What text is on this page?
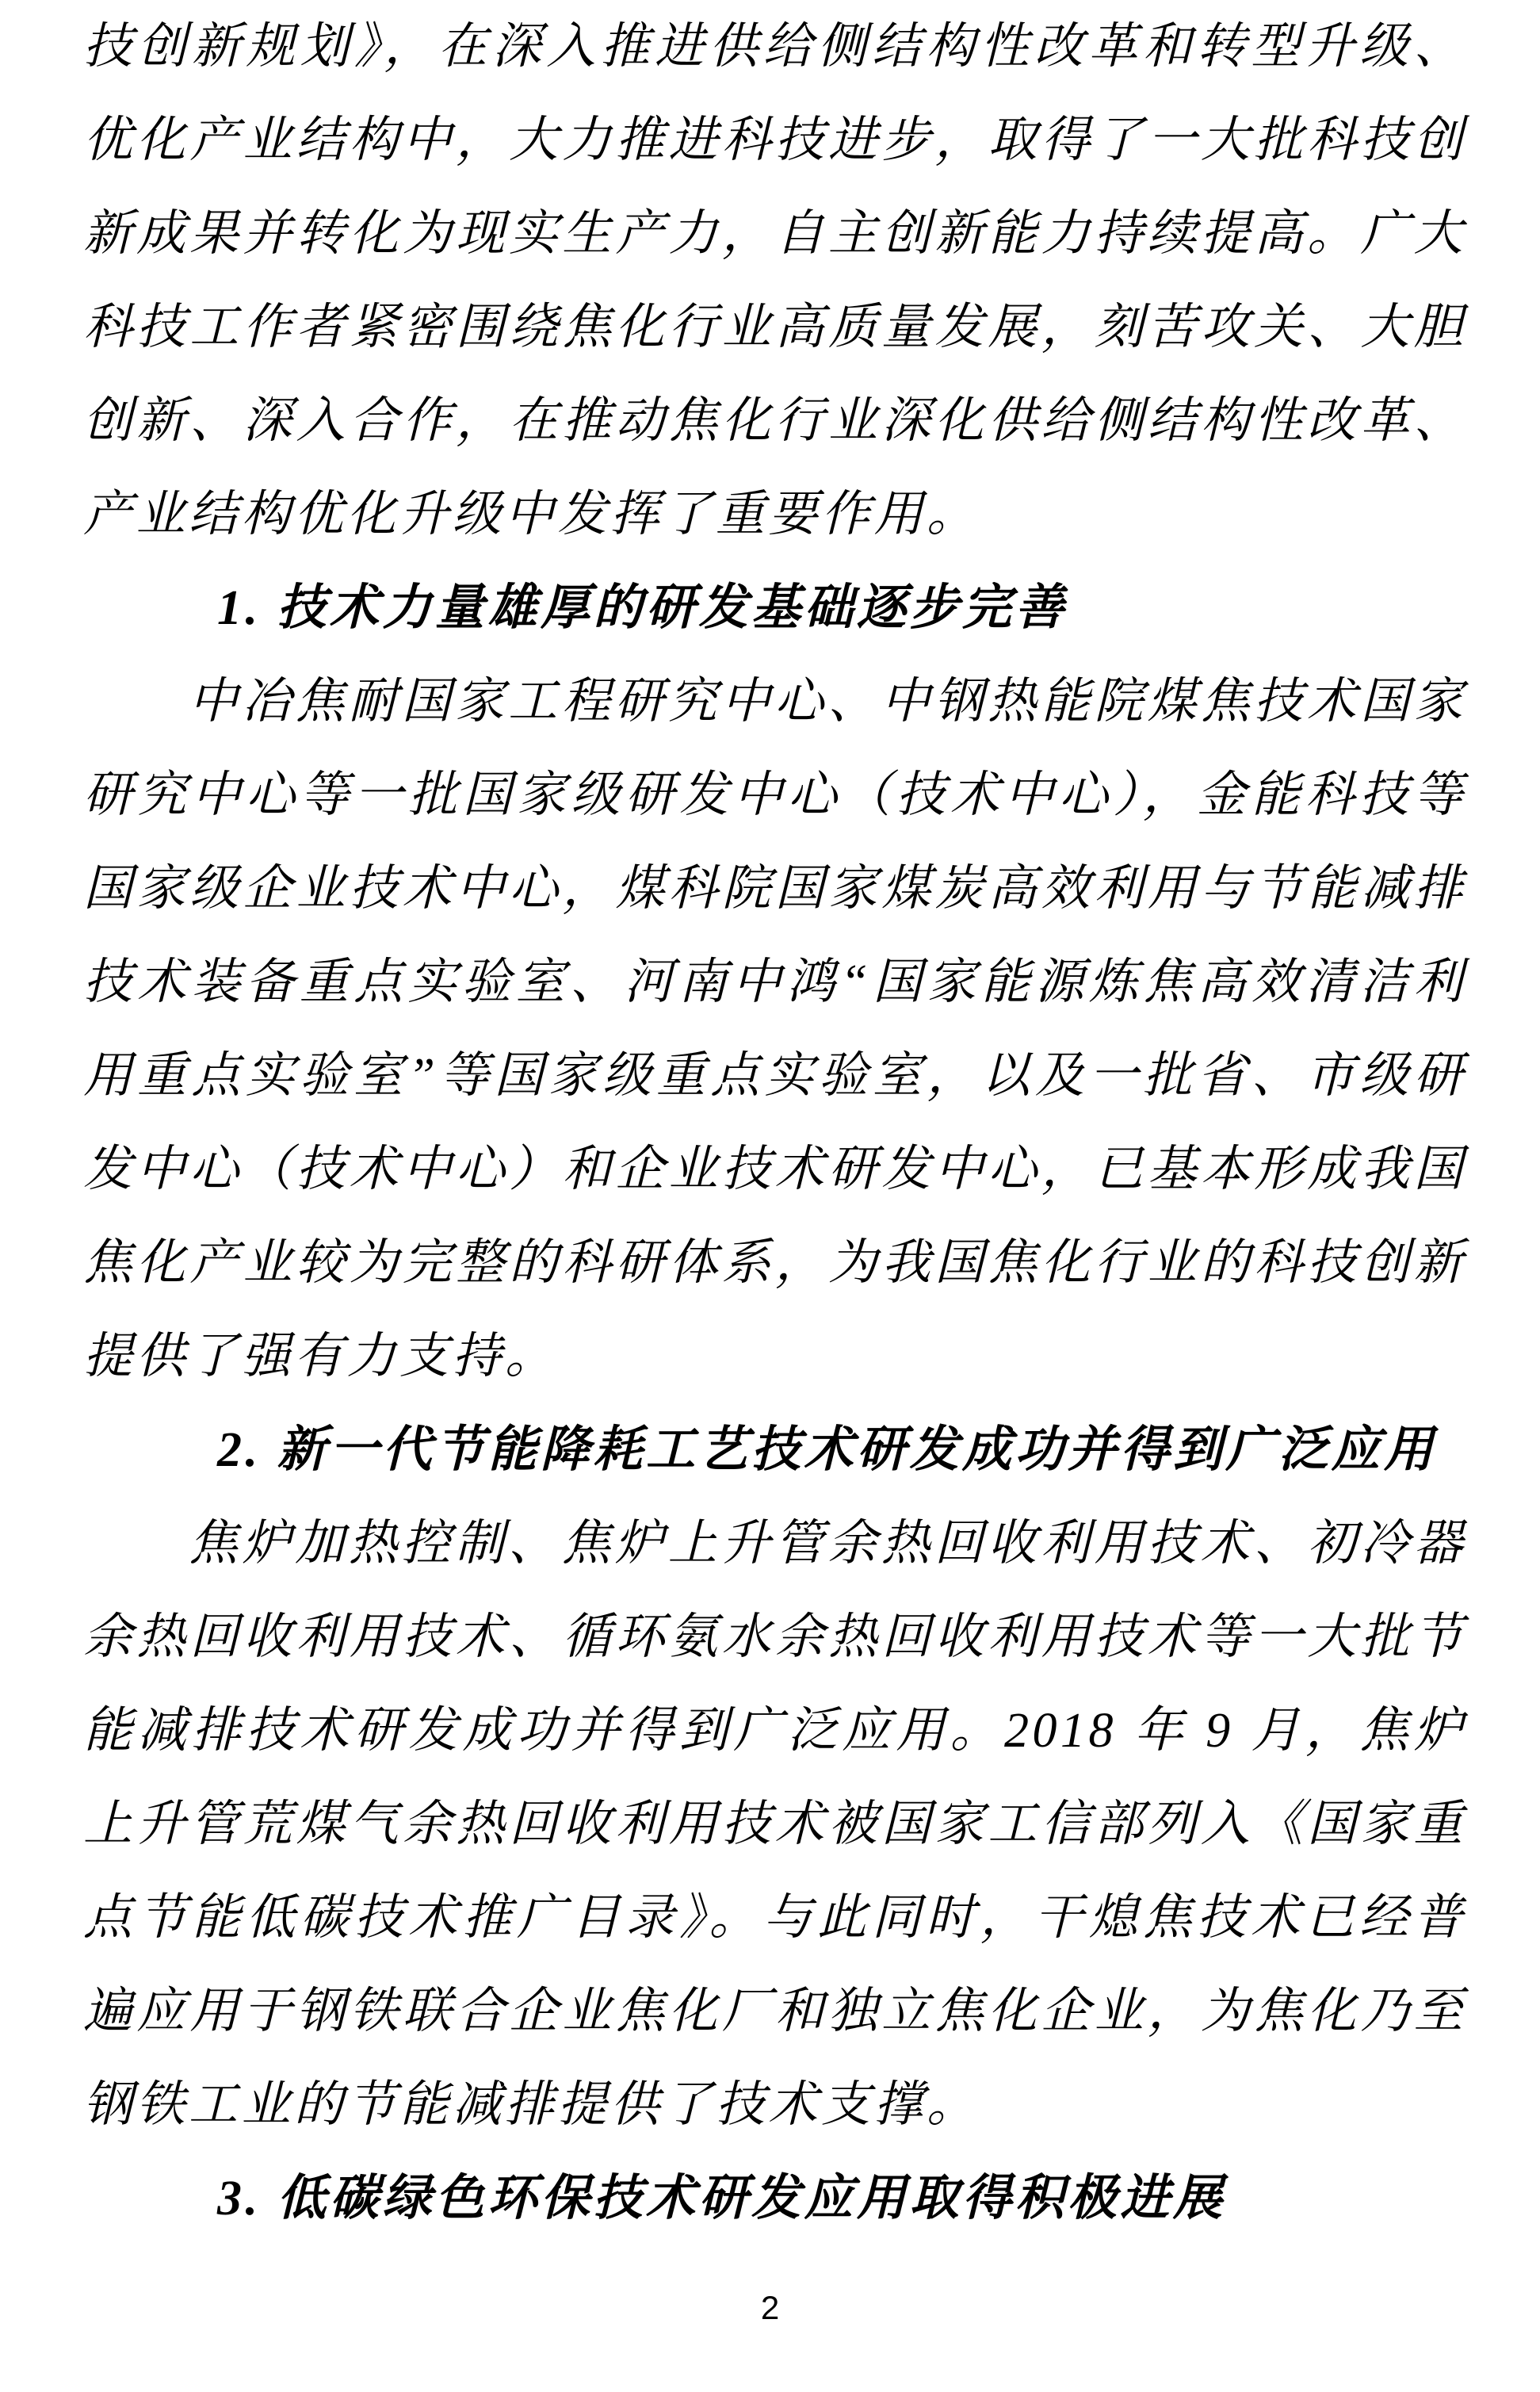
技创新规划》，在深入推进供给侧结构性改革和转型升级、优化产业结构中，大力推进科技进步，取得了一大批科技创新成果并转化为现实生产力，自主创新能力持续提高。广大科技工作者紧密围绕焦化行业高质量发展，刻苦攻关、大胆创新、深入合作，在推动焦化行业深化供给侧结构性改革、产业结构优化升级中发挥了重要作用。

1. 技术力量雄厚的研发基础逐步完善

中冶焦耐国家工程研究中心、中钢热能院煤焦技术国家研究中心等一批国家级研发中心（技术中心），金能科技等国家级企业技术中心，煤科院国家煤炭高效利用与节能减排技术装备重点实验室、河南中鸿“国家能源炼焦高效清洁利用重点实验室”等国家级重点实验室，以及一批省、市级研发中心（技术中心）和企业技术研发中心，已基本形成我国焦化产业较为完整的科研体系，为我国焦化行业的科技创新提供了强有力支持。

2. 新一代节能降耗工艺技术研发成功并得到广泛应用

焦炉加热控制、焦炉上升管余热回收利用技术、初冷器余热回收利用技术、循环氨水余热回收利用技术等一大批节能减排技术研发成功并得到广泛应用。2018 年 9 月，焦炉上升管荒煤气余热回收利用技术被国家工信部列入《国家重点节能低碳技术推广目录》。与此同时，干熄焦技术已经普遍应用于钢铁联合企业焦化厂和独立焦化企业，为焦化乃至钢铁工业的节能减排提供了技术支撑。

3. 低碳绿色环保技术研发应用取得积极进展

2
